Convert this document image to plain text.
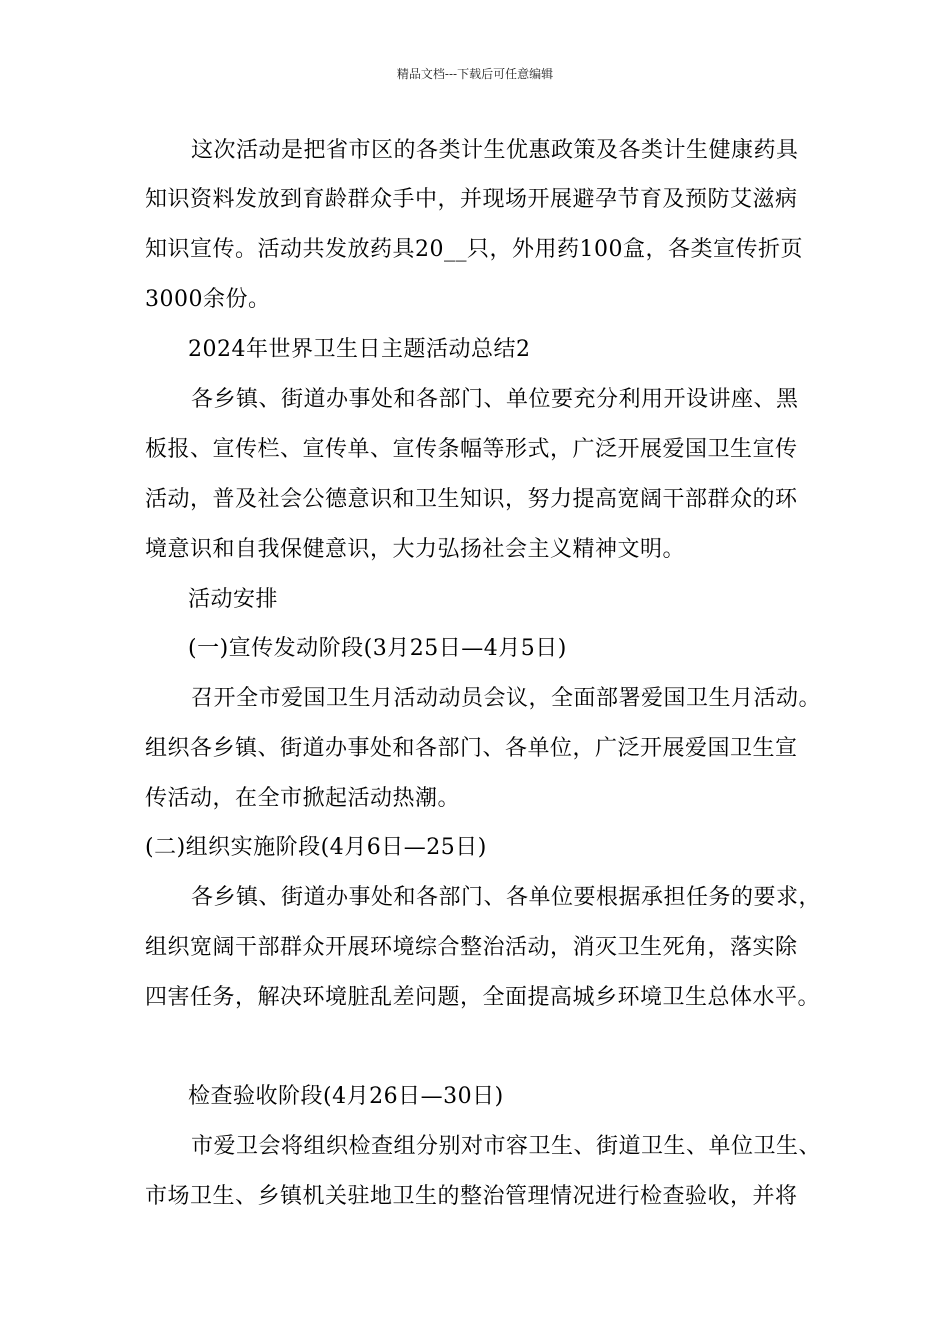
精品文档---下载后可任意编辑
这次活动是把省市区的各类计生优惠政策及各类计生健康药具
知识资料发放到育龄群众手中，并现场开展避孕节育及预防艾滋病
知识宣传。活动共发放药具20__只，外用药100盒，各类宣传折页
3000余份。
2024年世界卫生日主题活动总结2
各乡镇、街道办事处和各部门、单位要充分利用开设讲座、黑
板报、宣传栏、宣传单、宣传条幅等形式，广泛开展爱国卫生宣传
活动，普及社会公德意识和卫生知识，努力提高宽阔干部群众的环
境意识和自我保健意识，大力弘扬社会主义精神文明。
活动安排
(一)宣传发动阶段(3月25日—4月5日)
召开全市爱国卫生月活动动员会议，全面部署爱国卫生月活动。
组织各乡镇、街道办事处和各部门、各单位，广泛开展爱国卫生宣
传活动，在全市掀起活动热潮。
(二)组织实施阶段(4月6日—25日)
各乡镇、街道办事处和各部门、各单位要根据承担任务的要求，
组织宽阔干部群众开展环境综合整治活动，消灭卫生死角，落实除
四害任务，解决环境脏乱差问题，全面提高城乡环境卫生总体水平。
检查验收阶段(4月26日—30日)
市爱卫会将组织检查组分别对市容卫生、街道卫生、单位卫生、
市场卫生、乡镇机关驻地卫生的整治管理情况进行检查验收，并将
